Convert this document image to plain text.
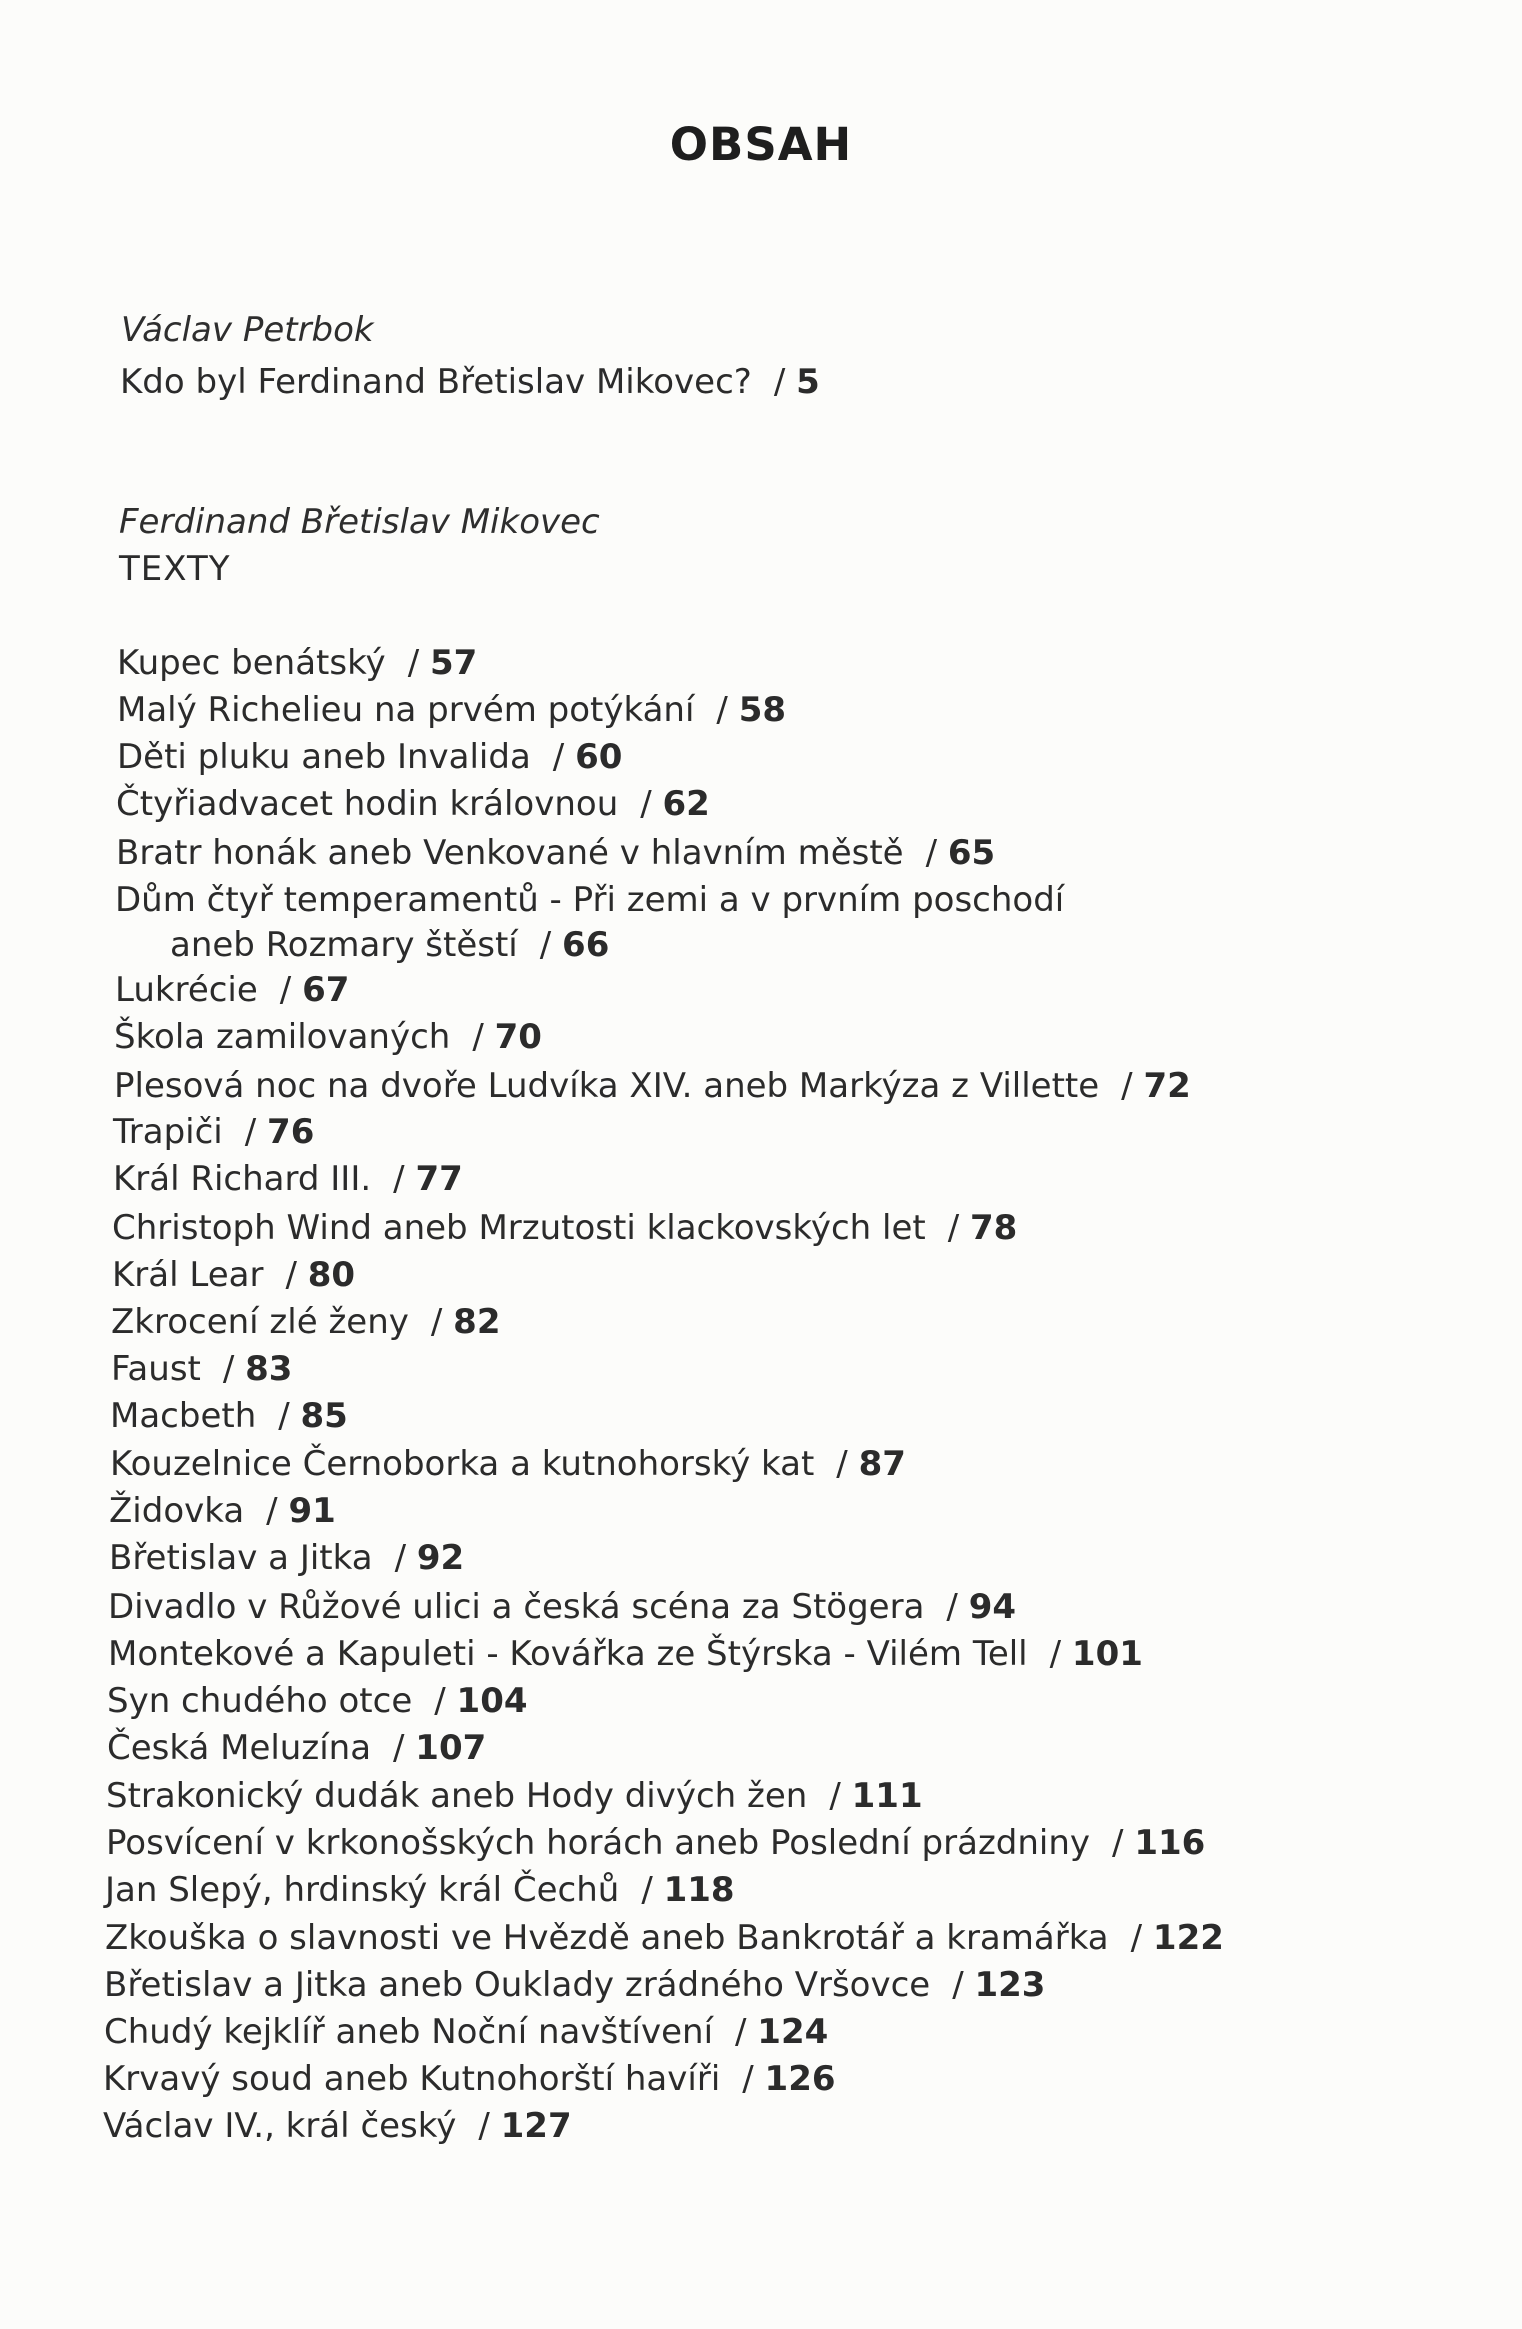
OBSAH
Václav Petrbok
Kdo byl Ferdinand Břetislav Mikovec? / 5
Ferdinand Břetislav Mikovec
TEXTY
Kupec benátský / 57
Malý Richelieu na prvém potýkání / 58
Děti pluku aneb Invalida / 60
Čtyřiadvacet hodin královnou / 62
Bratr honák aneb Venkované v hlavním městě / 65
Dům čtyř temperamentů - Při zemi a v prvním poschodí
aneb Rozmary štěstí / 66
Lukrécie / 67
Škola zamilovaných / 70
Plesová noc na dvoře Ludvíka XIV. aneb Markýza z Villette / 72
Trapiči / 76
Král Richard III. / 77
Christoph Wind aneb Mrzutosti klackovských let / 78
Král Lear / 80
Zkrocení zlé ženy / 82
Faust / 83
Macbeth / 85
Kouzelnice Černoborka a kutnohorský kat / 87
Židovka / 91
Břetislav a Jitka / 92
Divadlo v Růžové ulici a česká scéna za Stögera / 94
Montekové a Kapuleti - Kovářka ze Štýrska - Vilém Tell / 101
Syn chudého otce / 104
Česká Meluzína / 107
Strakonický dudák aneb Hody divých žen / 111
Posvícení v krkonošských horách aneb Poslední prázdniny / 116
Jan Slepý, hrdinský král Čechů / 118
Zkouška o slavnosti ve Hvězdě aneb Bankrotář a kramářka / 122
Břetislav a Jitka aneb Ouklady zrádného Vršovce / 123
Chudý kejklíř aneb Noční navštívení / 124
Krvavý soud aneb Kutnohorští havíři / 126
Václav IV., král český / 127
